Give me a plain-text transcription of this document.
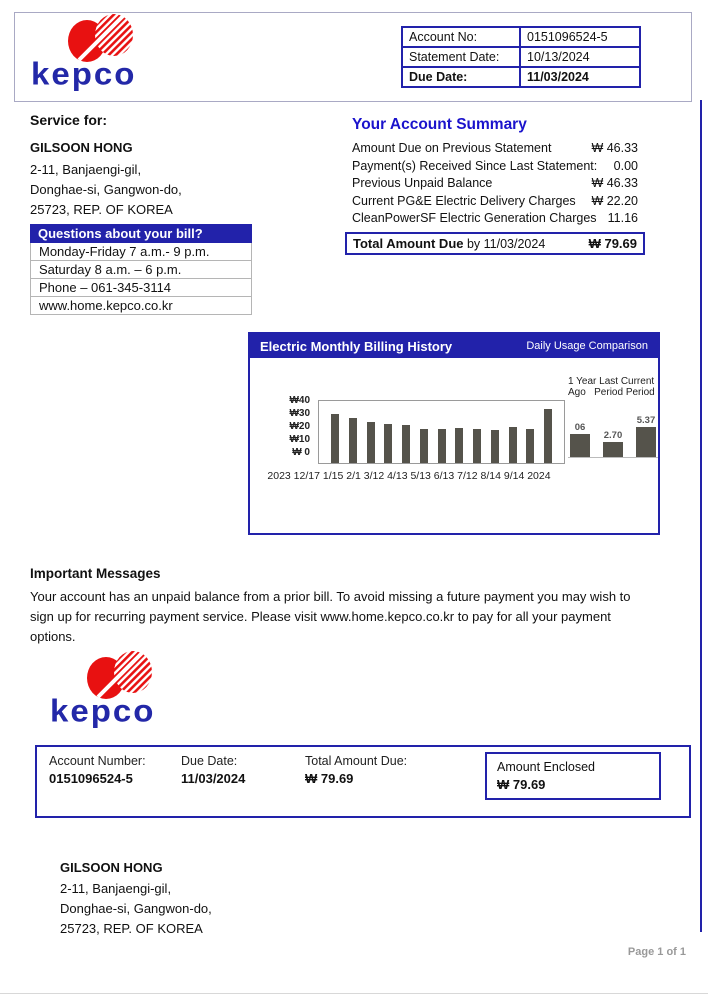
kepco
Account No:	0151096524-5
Statement Date:	10/13/2024
Due Date:	11/03/2024
Service for:
GILSOON HONG
2-11, Banjaengi-gil,
Donghae-si, Gangwon-do,
25723, REP. OF KOREA
Questions about your bill?
Monday-Friday 7 a.m.- 9 p.m.
Saturday 8 a.m. – 6 p.m.
Phone – 061-345-3114
www.home.kepco.co.kr
Your Account Summary
Amount Due on Previous Statement	₩ 46.33
Payment(s) Received Since Last Statement: 0.00
Previous Unpaid Balance	₩ 46.33
Current PG&E Electric Delivery Charges ₩ 22.20
CleanPowerSF Electric Generation Charges 11.16
Total Amount Due by 11/03/2024	₩ 79.69
Electric Monthly Billing History	Daily Usage Comparison
₩40
₩30
₩20
₩10
₩ 0
2023 12/17 1/15 2/1 3/12 4/13 5/13 6/13 7/12 8/14 9/14 2024
1 Year Last Current
Ago   Period Period
06
2.70
5.37
Important Messages
Your account has an unpaid balance from a prior bill. To avoid missing a future payment you may wish to sign up for recurring payment service. Please visit www.home.kepco.co.kr to pay for all your payment options.
kepco
Account Number:
0151096524-5
Due Date:
11/03/2024
Total Amount Due:
₩ 79.69
Amount Enclosed
₩ 79.69
GILSOON HONG
2-11, Banjaengi-gil,
Donghae-si, Gangwon-do,
25723, REP. OF KOREA
Page 1 of 1
